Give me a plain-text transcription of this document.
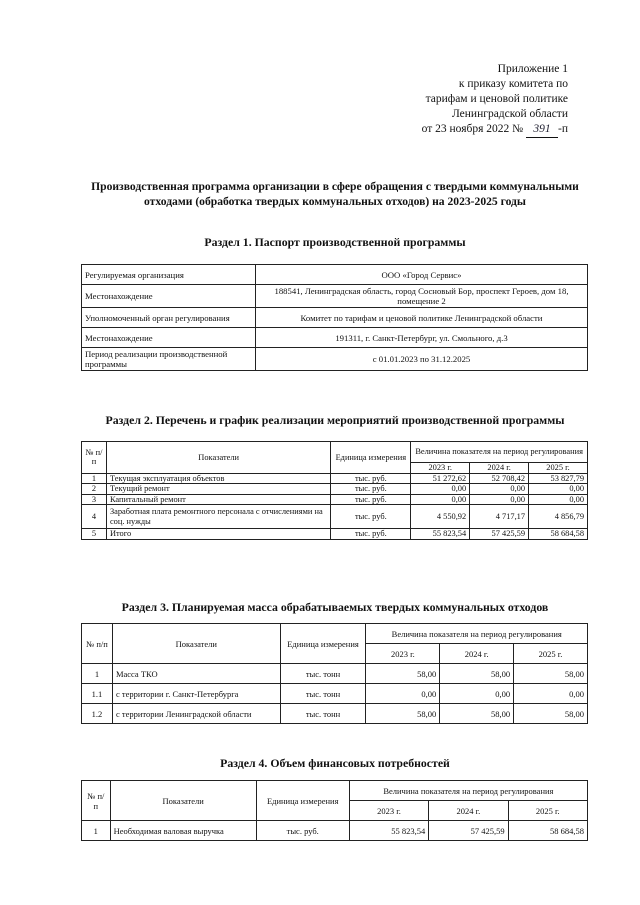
Приложение 1
к приказу комитета по
тарифам и ценовой политике
Ленинградской области
от 23 ноября 2022 № 391 -п
Производственная программа организации в сфере обращения с твердыми коммунальными
отходами (обработка твердых коммунальных отходов) на 2023-2025 годы
Раздел 1. Паспорт производственной программы
Регулируемая организация	ООО «Город Сервис»
Местонахождение	188541, Ленинградская область, город Сосновый Бор, проспект Героев, дом 18, помещение 2
Уполномоченный орган регулирования	Комитет по тарифам и ценовой политике Ленинградской области
Местонахождение	191311, г. Санкт-Петербург, ул. Смольного, д.3
Период реализации производственной программы	с 01.01.2023 по 31.12.2025
Раздел 2. Перечень и график реализации мероприятий производственной программы
№ п/п	Показатели	Единица измерения	Величина показателя на период регулирования		
			2023 г.	2024 г.	2025 г.
1	Текущая эксплуатация объектов	тыс. руб.	51 272,62	52 708,42	53 827,79
2	Текущий ремонт	тыс. руб.	0,00	0,00	0,00
3	Капитальный ремонт	тыс. руб.	0,00	0,00	0,00
4	Заработная плата ремонтного персонала с отчислениями на соц. нужды	тыс. руб.	4 550,92	4 717,17	4 856,79
5	Итого	тыс. руб.	55 823,54	57 425,59	58 684,58
Раздел 3. Планируемая масса обрабатываемых твердых коммунальных отходов
№ п/п	Показатели	Единица измерения	Величина показателя на период регулирования		
			2023 г.	2024 г.	2025 г.
1	Масса ТКО	тыс. тонн	58,00	58,00	58,00
1.1	с территории г. Санкт-Петербурга	тыс. тонн	0,00	0,00	0,00
1.2	с территории Ленинградской области	тыс. тонн	58,00	58,00	58,00
Раздел 4. Объем финансовых потребностей
№ п/п	Показатели	Единица измерения	Величина показателя на период регулирования		
			2023 г.	2024 г.	2025 г.
1	Необходимая валовая выручка	тыс. руб.	55 823,54	57 425,59	58 684,58
